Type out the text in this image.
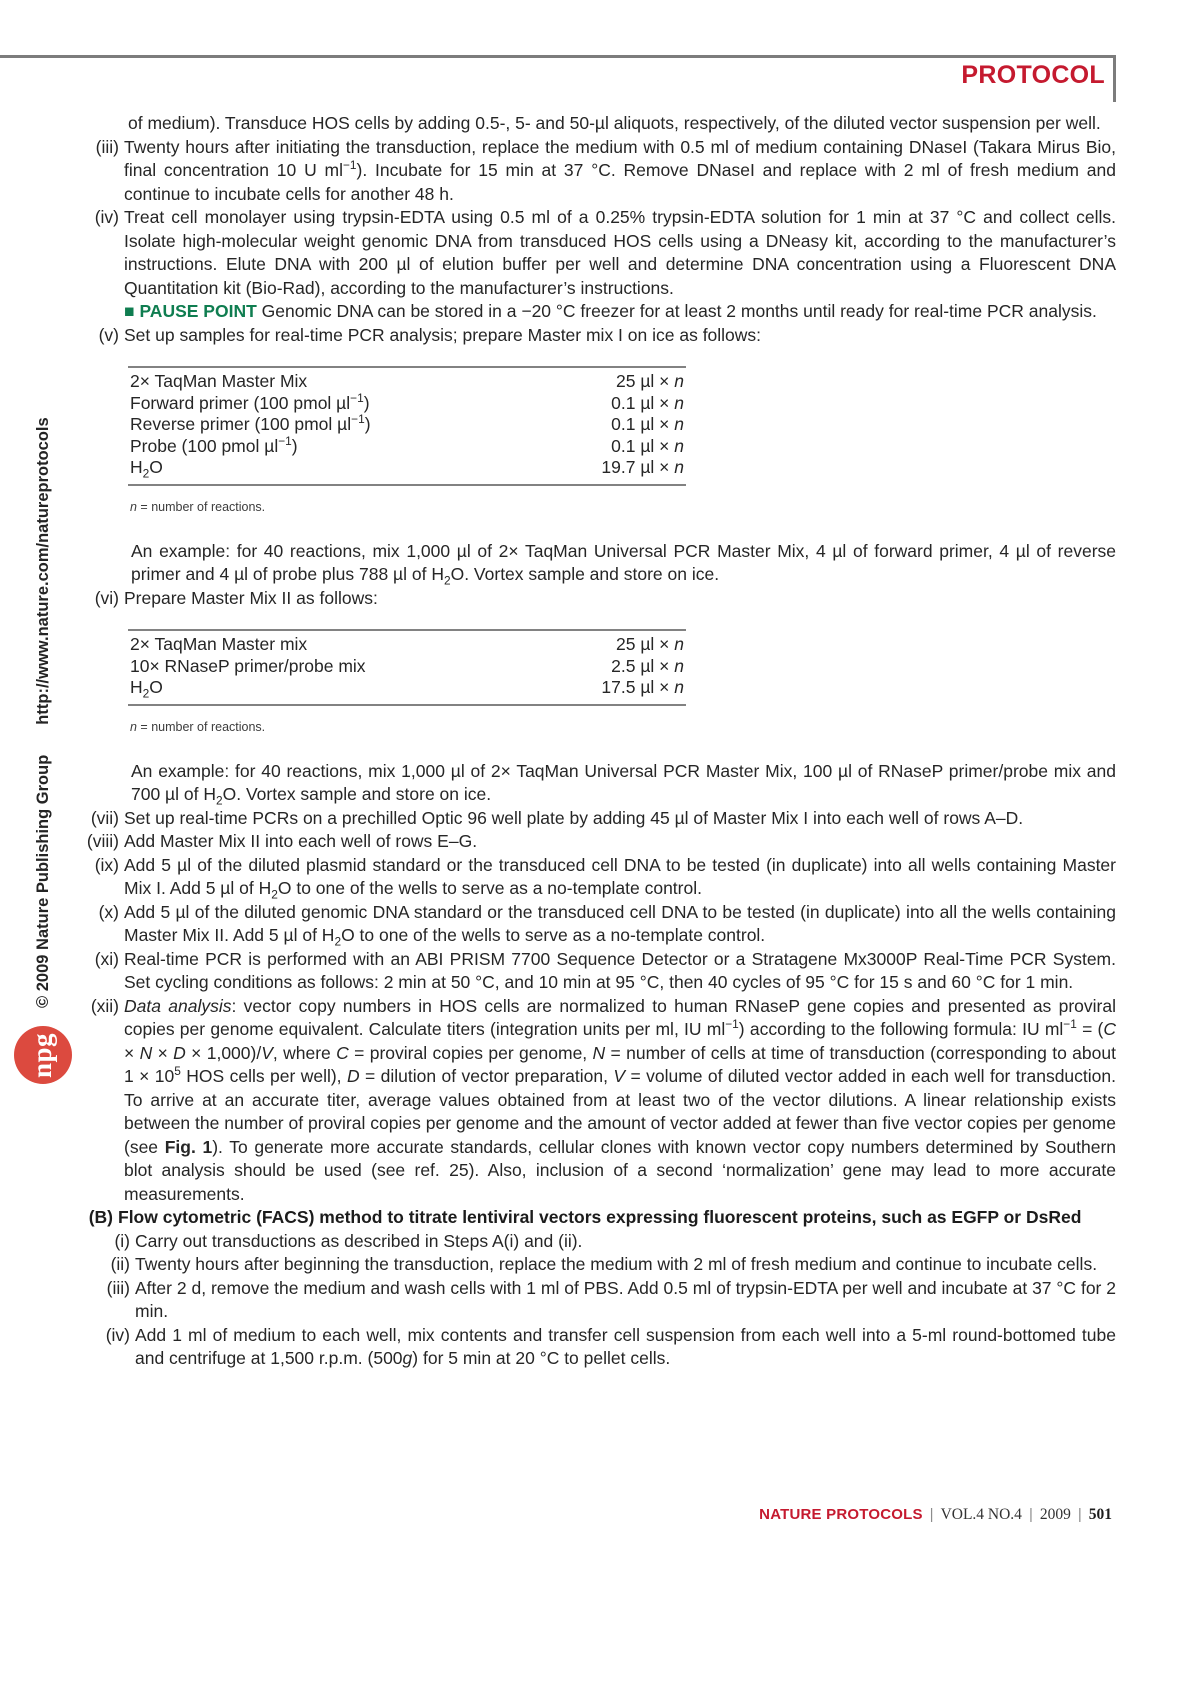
PROTOCOL
© 2009 Nature Publishing Grouphttp://www.nature.com/natureprotocols
npg

of medium). Transduce HOS cells by adding 0.5-, 5- and 50-µl aliquots, respectively, of the diluted vector suspension per well.

(iii) Twenty hours after initiating the transduction, replace the medium with 0.5 ml of medium containing DNaseI (Takara Mirus Bio, final concentration 10 U $ml^{-1}$). Incubate for 15 min at 37 °C. Remove DNaseI and replace with 2 ml of fresh medium and continue to incubate cells for another 48 h.
(iv) Treat cell monolayer using trypsin-EDTA using 0.5 ml of a 0.25% trypsin-EDTA solution for 1 min at 37 °C and collect cells. Isolate high-molecular weight genomic DNA from transduced HOS cells using a DNeasy kit, according to the manufacturer’s instructions. Elute DNA with 200 µl of elution buffer per well and determine DNA concentration using a Fluorescent DNA Quantitation kit (Bio-Rad), according to the manufacturer’s instructions.
■ PAUSE POINT Genomic DNA can be stored in a −20 °C freezer for at least 2 months until ready for real-time PCR analysis.
(v) Set up samples for real-time PCR analysis; prepare Master mix I on ice as follows:
2× TaqMan Master Mix	25 µl × n
Forward primer (100 pmol µl$^{-1}$)	0.1 µl × n
Reverse primer (100 pmol µl$^{-1}$)	0.1 µl × n
Probe (100 pmol µl$^{-1}$)	0.1 µl × n
$H_2O$	19.7 µl × n

n = number of reactions.

An example: for 40 reactions, mix 1,000 µl of 2× TaqMan Universal PCR Master Mix, 4 µl of forward primer, 4 µl of reverse primer and 4 µl of probe plus 788 µl of $H_2O$. Vortex sample and store on ice.

(vi) Prepare Master Mix II as follows:
2× TaqMan Master mix	25 µl × n
10× RNaseP primer/probe mix	2.5 µl × n
$H_2O$	17.5 µl × n

n = number of reactions.

An example: for 40 reactions, mix 1,000 µl of 2× TaqMan Universal PCR Master Mix, 100 µl of RNaseP primer/probe mix and 700 µl of $H_2O$. Vortex sample and store on ice.

(vii) Set up real-time PCRs on a prechilled Optic 96 well plate by adding 45 µl of Master Mix I into each well of rows A–D.
(viii) Add Master Mix II into each well of rows E–G.
(ix) Add 5 µl of the diluted plasmid standard or the transduced cell DNA to be tested (in duplicate) into all wells containing Master Mix I. Add 5 µl of $H_2O$ to one of the wells to serve as a no-template control.
(x) Add 5 µl of the diluted genomic DNA standard or the transduced cell DNA to be tested (in duplicate) into all the wells containing Master Mix II. Add 5 µl of $H_2O$ to one of the wells to serve as a no-template control.
(xi) Real-time PCR is performed with an ABI PRISM 7700 Sequence Detector or a Stratagene Mx3000P Real-Time PCR System. Set cycling conditions as follows: 2 min at 50 °C, and 10 min at 95 °C, then 40 cycles of 95 °C for 15 s and 60 °C for 1 min.
(xii) Data analysis: vector copy numbers in HOS cells are normalized to human RNaseP gene copies and presented as proviral copies per genome equivalent. Calculate titers (integration units per ml, IU $ml^{-1}$) according to the following formula: IU $ml^{-1} = (C \times N \times D \times 1,000)/V$, where C = proviral copies per genome, N = number of cells at time of transduction (corresponding to about $1 \times 10^5$ HOS cells per well), D = dilution of vector preparation, V = volume of diluted vector added in each well for transduction. To arrive at an accurate titer, average values obtained from at least two of the vector dilutions. A linear relationship exists between the number of proviral copies per genome and the amount of vector added at fewer than five vector copies per genome (see Fig. 1). To generate more accurate standards, cellular clones with known vector copy numbers determined by Southern blot analysis should be used (see ref. 25). Also, inclusion of a second ‘normalization’ gene may lead to more accurate measurements.
(B) Flow cytometric (FACS) method to titrate lentiviral vectors expressing fluorescent proteins, such as EGFP or DsRed
(i) Carry out transductions as described in Steps A(i) and (ii).
(ii) Twenty hours after beginning the transduction, replace the medium with 2 ml of fresh medium and continue to incubate cells.
(iii) After 2 d, remove the medium and wash cells with 1 ml of PBS. Add 0.5 ml of trypsin-EDTA per well and incubate at 37 °C for 2 min.
(iv) Add 1 ml of medium to each well, mix contents and transfer cell suspension from each well into a 5-ml round-bottomed tube and centrifuge at 1,500 r.p.m. (500g) for 5 min at 20 °C to pellet cells.
NATURE PROTOCOLS | VOL.4 NO.4 | 2009 | 501
